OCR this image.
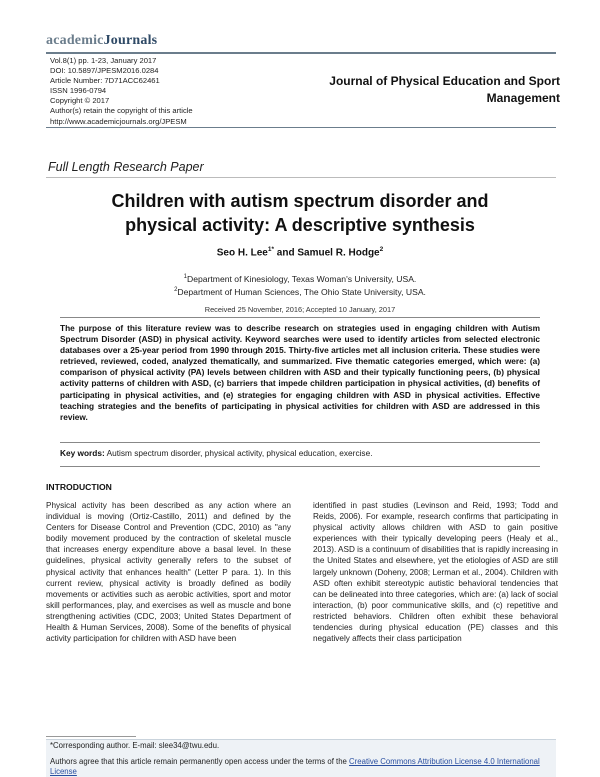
academicJournals
Vol.8(1) pp. 1-23, January 2017
DOI: 10.5897/JPESM2016.0284
Article Number: 7D71ACC62461
ISSN 1996-0794
Copyright © 2017
Author(s) retain the copyright of this article
http://www.academicjournals.org/JPESM
Journal of Physical Education and Sport
Management
Full Length Research Paper
Children with autism spectrum disorder and
physical activity: A descriptive synthesis
Seo H. Lee$^{1*}$ and Samuel R. Hodge$^2$
$^1$Department of Kinesiology, Texas Woman's University, USA.
$^2$Department of Human Sciences, The Ohio State University, USA.
Received 25 November, 2016; Accepted 10 January, 2017
The purpose of this literature review was to describe research on strategies used in engaging children with Autism Spectrum Disorder (ASD) in physical activity. Keyword searches were used to identify articles from selected electronic databases over a 25-year period from 1990 through 2015. Thirty-five articles met all inclusion criteria. These studies were retrieved, reviewed, coded, analyzed thematically, and summarized. Five thematic categories emerged, which were: (a) comparison of physical activity (PA) levels between children with ASD and their typically functioning peers, (b) physical activity patterns of children with ASD, (c) barriers that impede children participation in physical activities, (d) benefits of participating in physical activities, and (e) strategies for engaging children with ASD in physical activities. Effective teaching strategies and the benefits of participating in physical activities for children with ASD are addressed in this review.
Key words: Autism spectrum disorder, physical activity, physical education, exercise.
INTRODUCTION

Physical activity has been described as any action where an individual is moving (Ortiz-Castillo, 2011) and defined by the Centers for Disease Control and Prevention (CDC, 2010) as "any bodily movement produced by the contraction of skeletal muscle that increases energy expenditure above a basal level. In these guidelines, physical activity generally refers to the subset of physical activity that enhances health" (Letter P para. 1). In this current review, physical activity is broadly defined as bodily movements or activities such as aerobic activities, sport and motor skill performances, play, and exercises as well as muscle and bone strengthening activities (CDC, 2003; United States Department of Health & Human Services, 2008). Some of the benefits of physical activity participation for children with ASD have been

identified in past studies (Levinson and Reid, 1993; Todd and Reids, 2006). For example, research confirms that participating in physical activity allows children with ASD to gain positive experiences with their typically developing peers (Healy et al., 2013). ASD is a continuum of disabilities that is rapidly increasing in the United States and elsewhere, yet the etiologies of ASD are still largely unknown (Doheny, 2008; Lerman et al., 2004). Children with ASD often exhibit stereotypic autistic behavioral tendencies that can be delineated into three categories, which are: (a) lack of social interaction, (b) poor communicative skills, and (c) repetitive and restricted behaviors. Children often exhibit these behavioral tendencies during physical education (PE) classes and this negatively affects their class participation

*Corresponding author. E-mail: slee34@twu.edu.
Authors agree that this article remain permanently open access under the terms of the Creative Commons Attribution License 4.0 International License
